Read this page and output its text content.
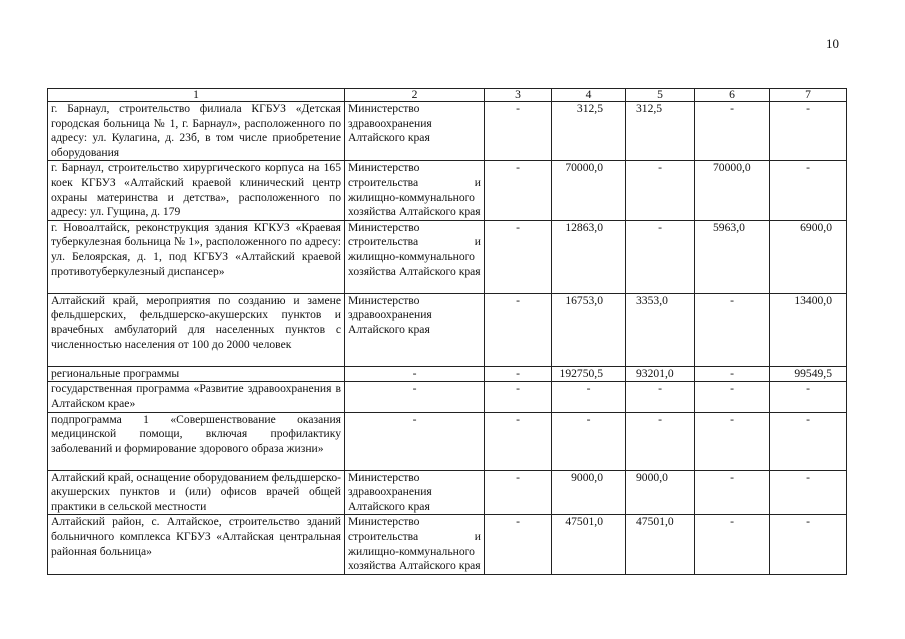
10
1	2	3	4	5	6	7
г. Барнаул, строительство филиала КГБУЗ «Детская городская больница № 1, г. Барнаул», расположенного по адресу: ул. Кулагина, д. 23б, в том числе приобретение оборудования	Министерство здравоохранения Алтайского края	-	312,5	312,5	-	-
г. Барнаул, строительство хирургического корпуса на 165 коек КГБУЗ «Алтайский краевой клинический центр охраны материнства и детства», расположенного по адресу: ул. Гущина, д. 179	Министерство строительства и жилищно-коммунального хозяйства Алтайского края	-	70000,0	-	70000,0	-
г. Новоалтайск, реконструкция здания КГКУЗ «Краевая туберкулезная больница № 1», расположенного по адресу: ул. Белоярская, д. 1, под КГБУЗ «Алтайский краевой противотуберкулезный диспансер»	Министерство строительства и жилищно-коммунального хозяйства Алтайского края	-	12863,0	-	5963,0	6900,0
Алтайский край, мероприятия по созданию и замене фельдшерских, фельдшерско-акушерских пунктов и врачебных амбулаторий для населенных пунктов с численностью населения от 100 до 2000 человек	Министерство здравоохранения Алтайского края	-	16753,0	3353,0	-	13400,0
региональные программы	-	-	192750,5	93201,0	-	99549,5
государственная программа «Развитие здравоохранения в Алтайском крае»	-	-	-	-	-	-
подпрограмма 1 «Совершенствование оказания медицинской помощи, включая профилактику заболеваний и формирование здорового образа жизни»	-	-	-	-	-	-
Алтайский край, оснащение оборудованием фельдшерско-акушерских пунктов и (или) офисов врачей общей практики в сельской местности	Министерство здравоохранения Алтайского края	-	9000,0	9000,0	-	-
Алтайский район, с. Алтайское, строительство зданий больничного комплекса КГБУЗ «Алтайская центральная районная больница»	Министерство строительства и жилищно-коммунального хозяйства Алтайского края	-	47501,0	47501,0	-	-
